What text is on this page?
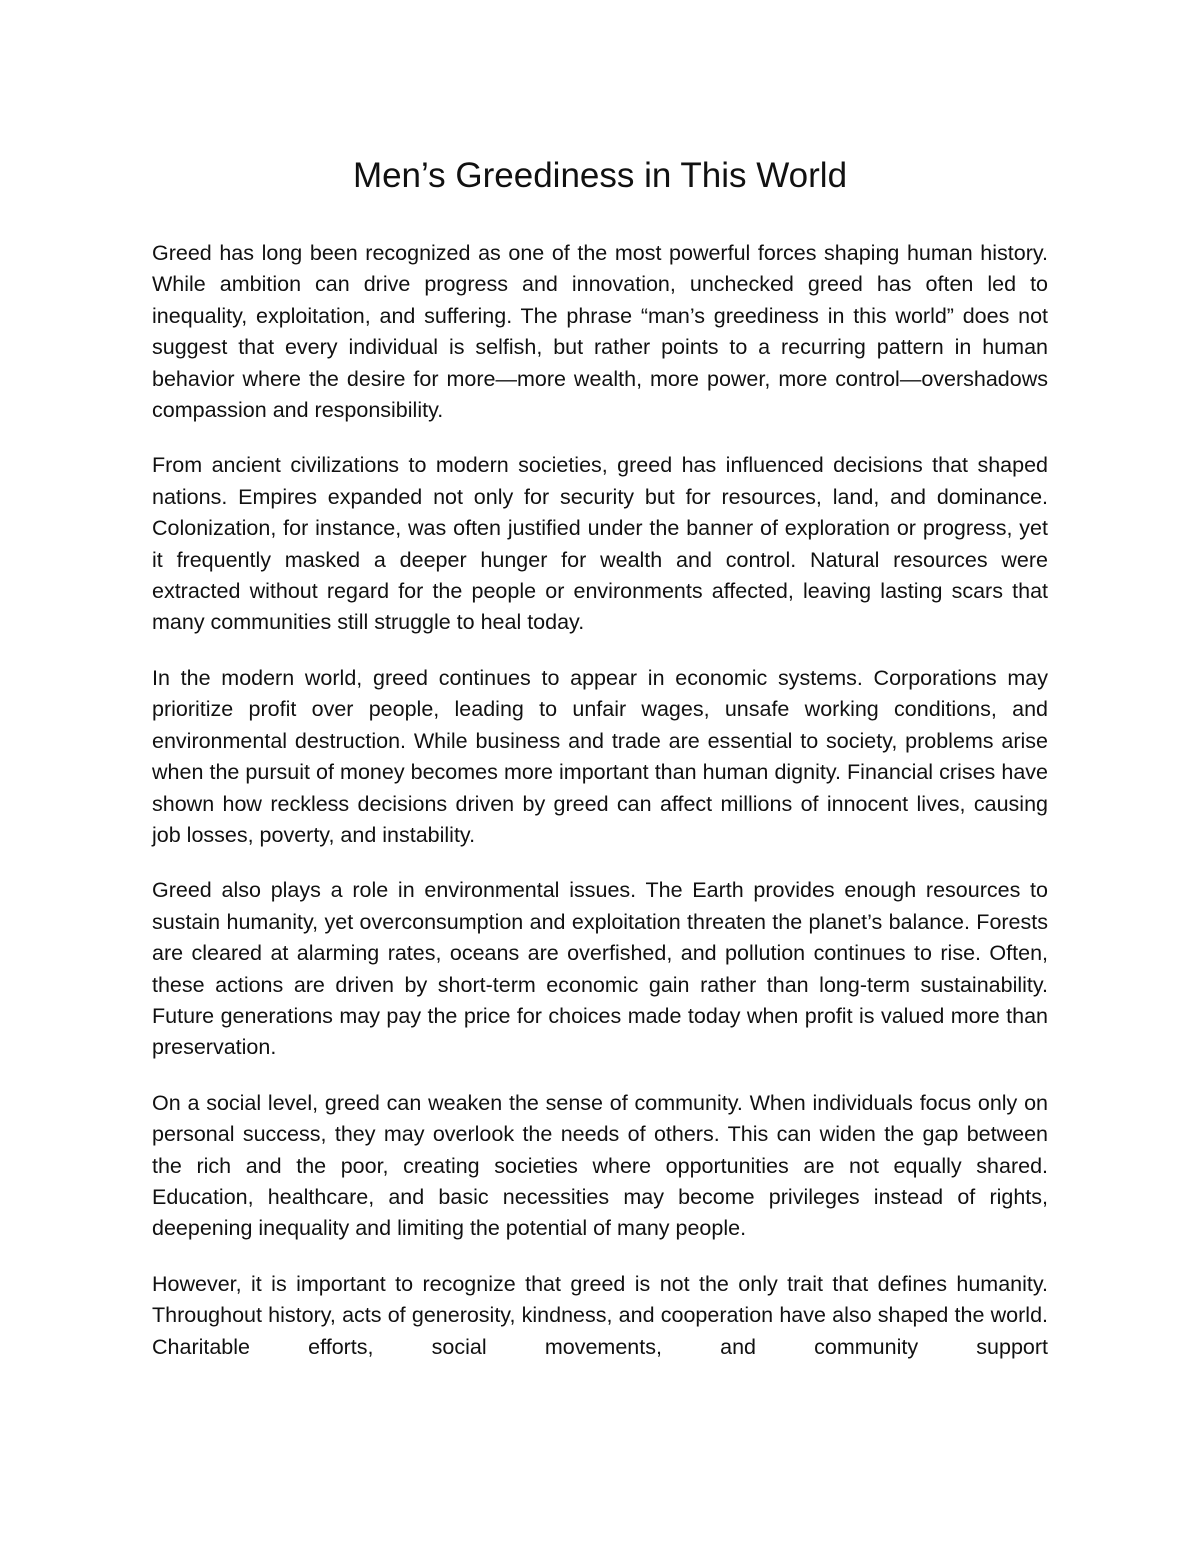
Men’s Greediness in This World

Greed has long been recognized as one of the most powerful forces shaping human history. While ambition can drive progress and innovation, unchecked greed has often led to inequality, exploitation, and suffering. The phrase “man’s greediness in this world” does not suggest that every individual is selfish, but rather points to a recurring pattern in human behavior where the desire for more—more wealth, more power, more control—overshadows compassion and responsibility.

From ancient civilizations to modern societies, greed has influenced decisions that shaped nations. Empires expanded not only for security but for resources, land, and dominance. Colonization, for instance, was often justified under the banner of exploration or progress, yet it frequently masked a deeper hunger for wealth and control. Natural resources were extracted without regard for the people or environments affected, leaving lasting scars that many communities still struggle to heal today.

In the modern world, greed continues to appear in economic systems. Corporations may prioritize profit over people, leading to unfair wages, unsafe working conditions, and environmental destruction. While business and trade are essential to society, problems arise when the pursuit of money becomes more important than human dignity. Financial crises have shown how reckless decisions driven by greed can affect millions of innocent lives, causing job losses, poverty, and instability.

Greed also plays a role in environmental issues. The Earth provides enough resources to sustain humanity, yet overconsumption and exploitation threaten the planet’s balance. Forests are cleared at alarming rates, oceans are overfished, and pollution continues to rise. Often, these actions are driven by short-term economic gain rather than long-term sustainability. Future generations may pay the price for choices made today when profit is valued more than preservation.

On a social level, greed can weaken the sense of community. When individuals focus only on personal success, they may overlook the needs of others. This can widen the gap between the rich and the poor, creating societies where opportunities are not equally shared. Education, healthcare, and basic necessities may become privileges instead of rights, deepening inequality and limiting the potential of many people.

However, it is important to recognize that greed is not the only trait that defines humanity. Throughout history, acts of generosity, kindness, and cooperation have also shaped the world. Charitable efforts, social movements, and community support
